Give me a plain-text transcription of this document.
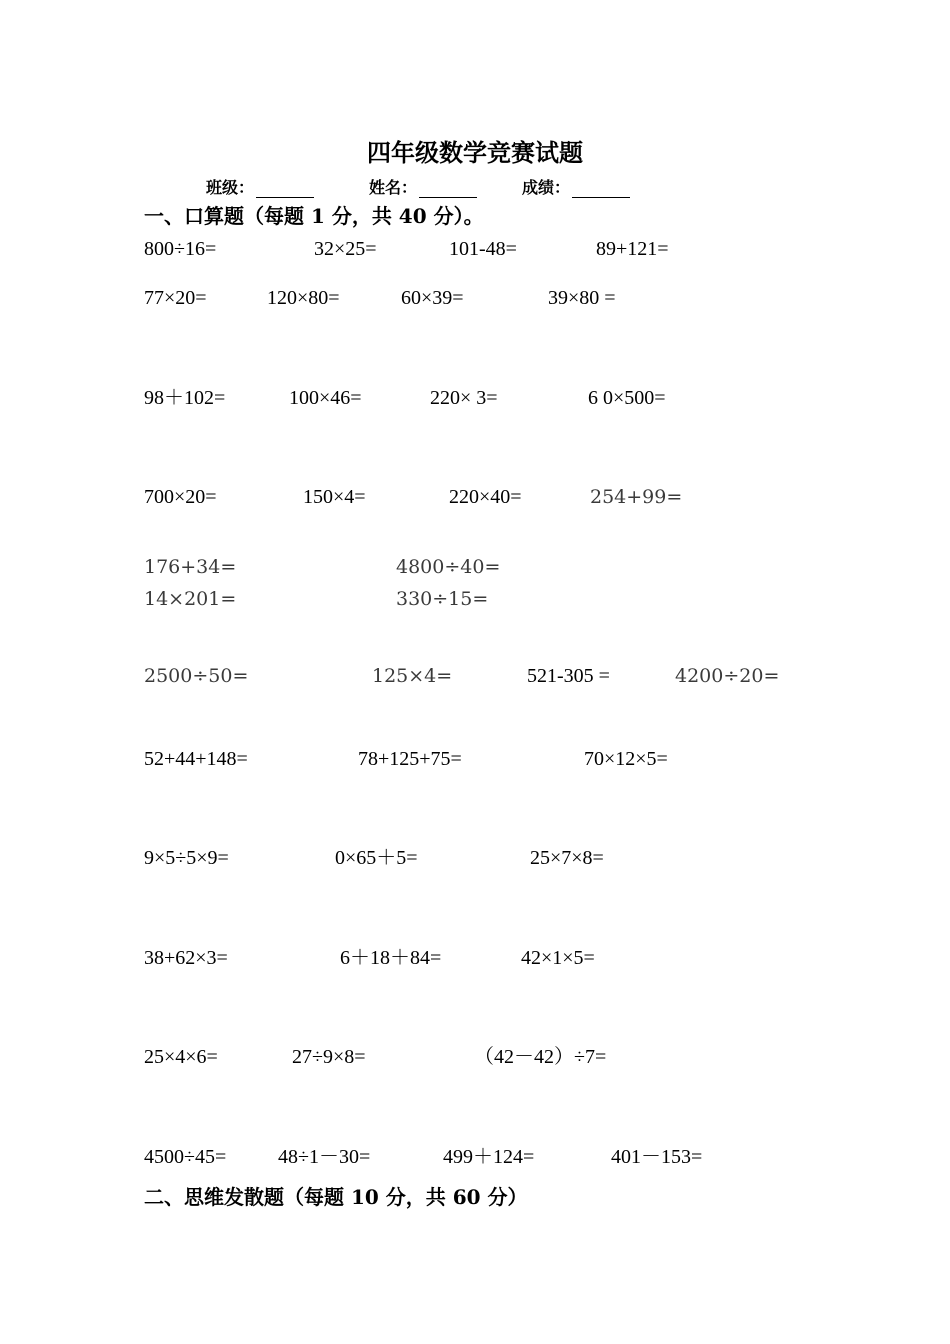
四年级数学竞赛试题
班级：	姓名：	成绩：
一、口算题（每题 1 分，共 40 分）。
800÷16=	32×25=	101-48=	89+121=
77×20=	120×80=	60×39=	39×80 =
98＋102=	100×46=	220× 3=	6 0×500=
700×20=	150×4=	220×40=	254+99=
176+34=	4800÷40=
14×201=	330÷15=
2500÷50=	125×4=	521-305 =	4200÷20=
52+44+148=	78+125+75=	70×12×5=
9×5÷5×9=	0×65＋5=	25×7×8=
38+62×3=	6＋18＋84=	42×1×5=
25×4×6=	27÷9×8=	（42－42）÷7=
4500÷45=	48÷1－30=	499＋124=	401－153=
二、思维发散题（每题 10 分，共 60 分）
